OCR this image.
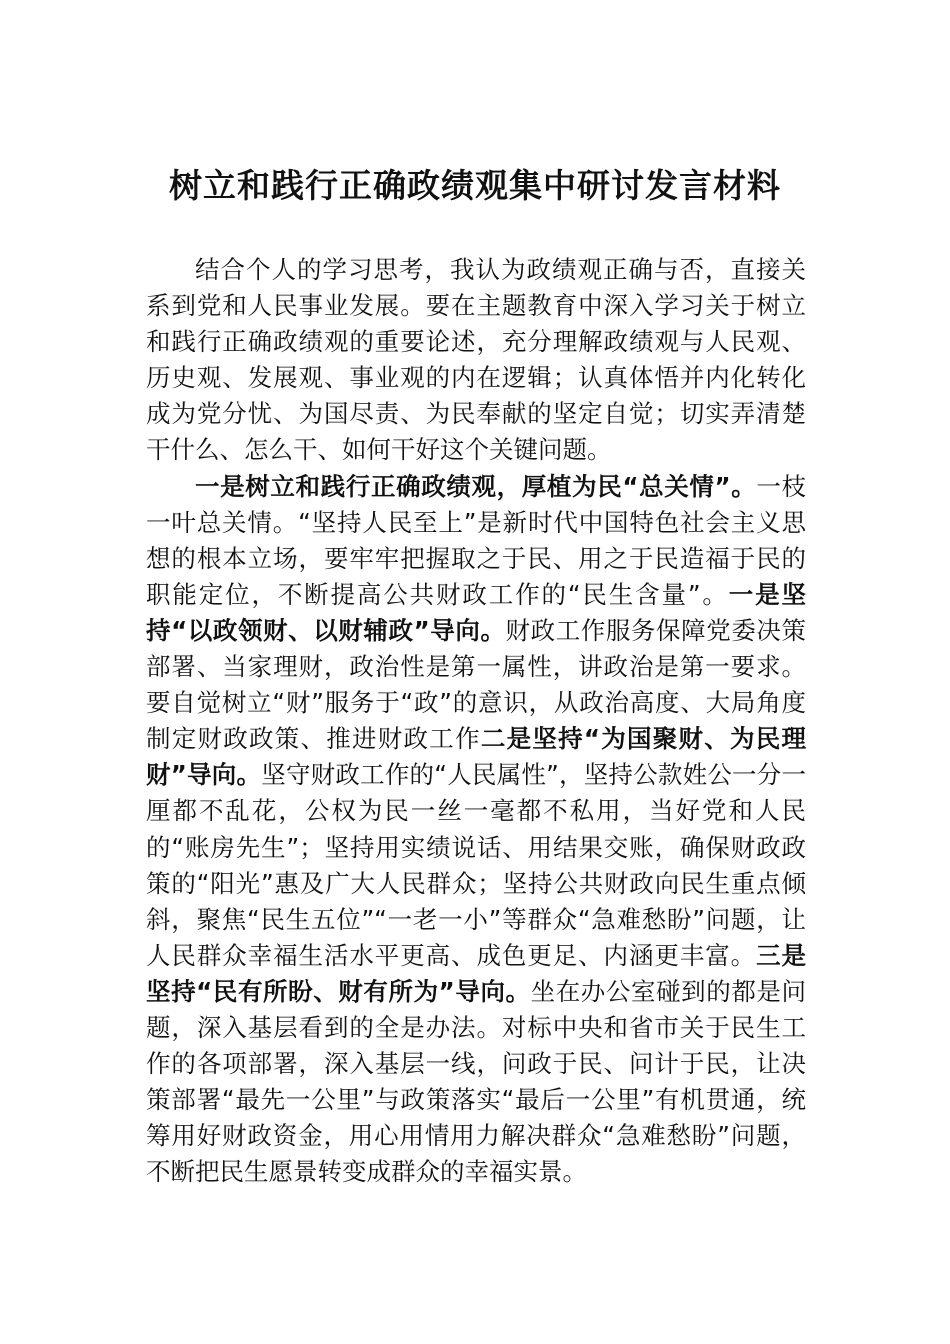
树立和践行正确政绩观集中研讨发言材料

结合个人的学习思考，我认为政绩观正确与否，直接关系到党和人民事业发展。要在主题教育中深入学习关于树立和践行正确政绩观的重要论述，充分理解政绩观与人民观、历史观、发展观、事业观的内在逻辑；认真体悟并内化转化成为党分忧、为国尽责、为民奉献的坚定自觉；切实弄清楚干什么、怎么干、如何干好这个关键问题。

一是树立和践行正确政绩观，厚植为民“总关情”。一枝一叶总关情。“坚持人民至上”是新时代中国特色社会主义思想的根本立场，要牢牢把握取之于民、用之于民造福于民的职能定位，不断提高公共财政工作的“民生含量”。一是坚持“以政领财、以财辅政”导向。财政工作服务保障党委决策部署、当家理财，政治性是第一属性，讲政治是第一要求。要自觉树立“财”服务于“政”的意识，从政治高度、大局角度制定财政政策、推进财政工作二是坚持“为国聚财、为民理财”导向。坚守财政工作的“人民属性”，坚持公款姓公一分一厘都不乱花，公权为民一丝一毫都不私用，当好党和人民的“账房先生”；坚持用实绩说话、用结果交账，确保财政政策的“阳光”惠及广大人民群众；坚持公共财政向民生重点倾斜，聚焦“民生五位”“一老一小”等群众“急难愁盼”问题，让人民群众幸福生活水平更高、成色更足、内涵更丰富。三是坚持“民有所盼、财有所为”导向。坐在办公室碰到的都是问题，深入基层看到的全是办法。对标中央和省市关于民生工作的各项部署，深入基层一线，问政于民、问计于民，让决策部署“最先一公里”与政策落实“最后一公里”有机贯通，统筹用好财政资金，用心用情用力解决群众“急难愁盼”问题，不断把民生愿景转变成群众的幸福实景。
